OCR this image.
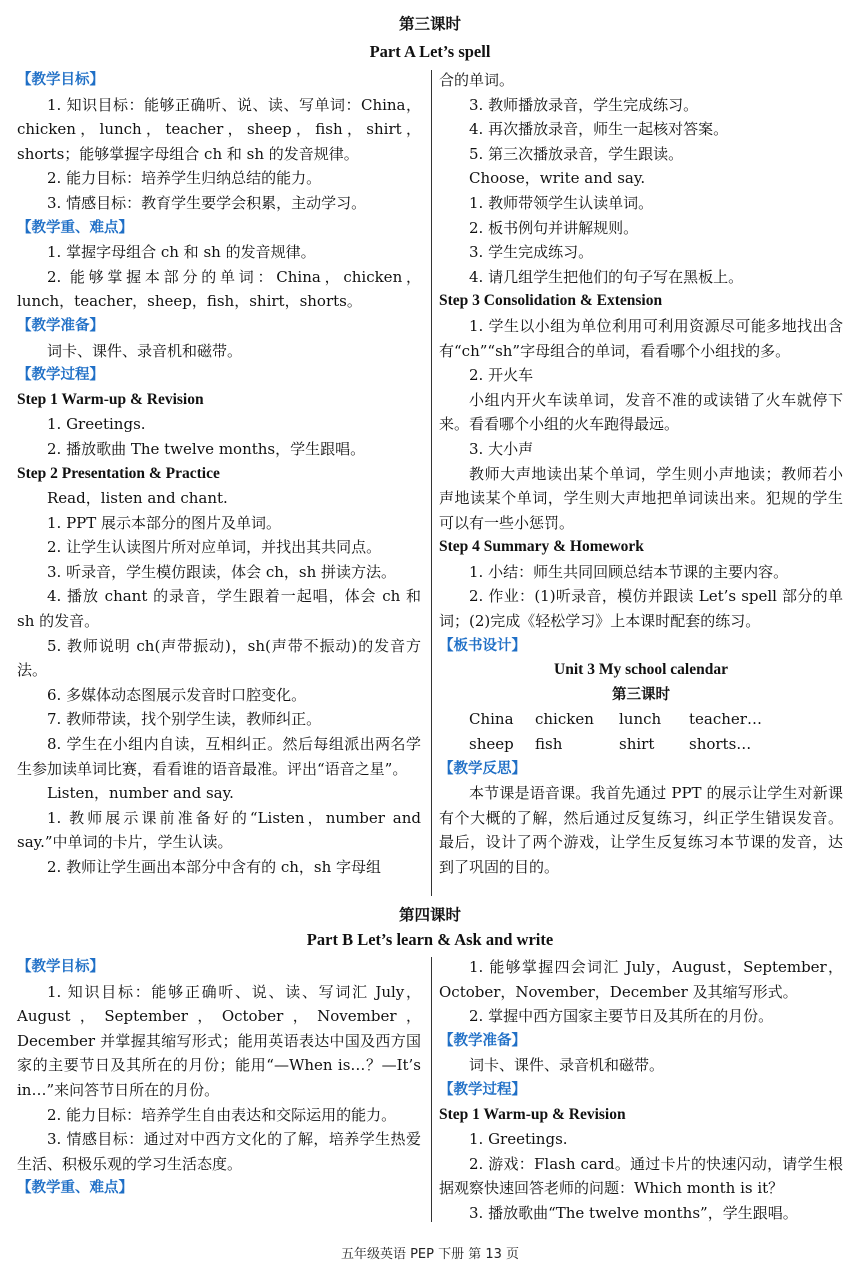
第三课时
Part A Let’s spell

【教学目标】

1. 知识目标：能够正确听、说、读、写单词：China，chicken，lunch，teacher，sheep，fish，shirt，shorts；能够掌握字母组合 ch 和 sh 的发音规律。

2. 能力目标：培养学生归纳总结的能力。

3. 情感目标：教育学生要学会积累，主动学习。

【教学重、难点】

1. 掌握字母组合 ch 和 sh 的发音规律。

2. 能够掌握本部分的单词：China，chicken，lunch，teacher，sheep，fish，shirt，shorts。

【教学准备】

词卡、课件、录音机和磁带。

【教学过程】

Step 1 Warm-up & Revision

1. Greetings.

2. 播放歌曲 The twelve months，学生跟唱。

Step 2 Presentation & Practice

Read，listen and chant.

1. PPT 展示本部分的图片及单词。

2. 让学生认读图片所对应单词，并找出其共同点。

3. 听录音，学生模仿跟读，体会 ch，sh 拼读方法。

4. 播放 chant 的录音，学生跟着一起唱，体会 ch 和 sh 的发音。

5. 教师说明 ch(声带振动)，sh(声带不振动)的发音方法。

6. 多媒体动态图展示发音时口腔变化。

7. 教师带读，找个别学生读，教师纠正。

8. 学生在小组内自读，互相纠正。然后每组派出两名学生参加读单词比赛，看看谁的语音最准。评出“语音之星”。

Listen，number and say.

1. 教师展示课前准备好的“Listen，number and say.”中单词的卡片，学生认读。

2. 教师让学生画出本部分中含有的 ch，sh 字母组

合的单词。

3. 教师播放录音，学生完成练习。

4. 再次播放录音，师生一起核对答案。

5. 第三次播放录音，学生跟读。

Choose，write and say.

1. 教师带领学生认读单词。

2. 板书例句并讲解规则。

3. 学生完成练习。

4. 请几组学生把他们的句子写在黑板上。

Step 3 Consolidation & Extension

1. 学生以小组为单位利用可利用资源尽可能多地找出含有“ch”“sh”字母组合的单词，看看哪个小组找的多。

2. 开火车

小组内开火车读单词，发音不准的或读错了火车就停下来。看看哪个小组的火车跑得最远。

3. 大小声

教师大声地读出某个单词，学生则小声地读；教师若小声地读某个单词，学生则大声地把单词读出来。犯规的学生可以有一些小惩罚。

Step 4 Summary & Homework

1. 小结：师生共同回顾总结本节课的主要内容。

2. 作业：(1)听录音，模仿并跟读 Let’s spell 部分的单词；(2)完成《轻松学习》上本课时配套的练习。

【板书设计】

Unit 3 My school calendar

第三课时

China	chicken	lunch	teacher…
sheep	fish	shirt	shorts…

【教学反思】

本节课是语音课。我首先通过 PPT 的展示让学生对新课有个大概的了解，然后通过反复练习，纠正学生错误发音。最后，设计了两个游戏，让学生反复练习本节课的发音，达到了巩固的目的。

第四课时
Part B Let’s learn & Ask and write

【教学目标】

1. 知识目标：能够正确听、说、读、写词汇 July，August，September，October，November，December 并掌握其缩写形式；能用英语表达中国及西方国家的主要节日及其所在的月份；能用“—When is…？—It’s in…”来问答节日所在的月份。

2. 能力目标：培养学生自由表达和交际运用的能力。

3. 情感目标：通过对中西方文化的了解，培养学生热爱生活、积极乐观的学习生活态度。

【教学重、难点】

1. 能够掌握四会词汇 July，August，September，October，November，December 及其缩写形式。

2. 掌握中西方国家主要节日及其所在的月份。

【教学准备】

词卡、课件、录音机和磁带。

【教学过程】

Step 1 Warm-up & Revision

1. Greetings.

2. 游戏：Flash card。通过卡片的快速闪动，请学生根据观察快速回答老师的问题：Which month is it？

3. 播放歌曲“The twelve months”，学生跟唱。

五年级英语 PEP 下册 第 13 页
